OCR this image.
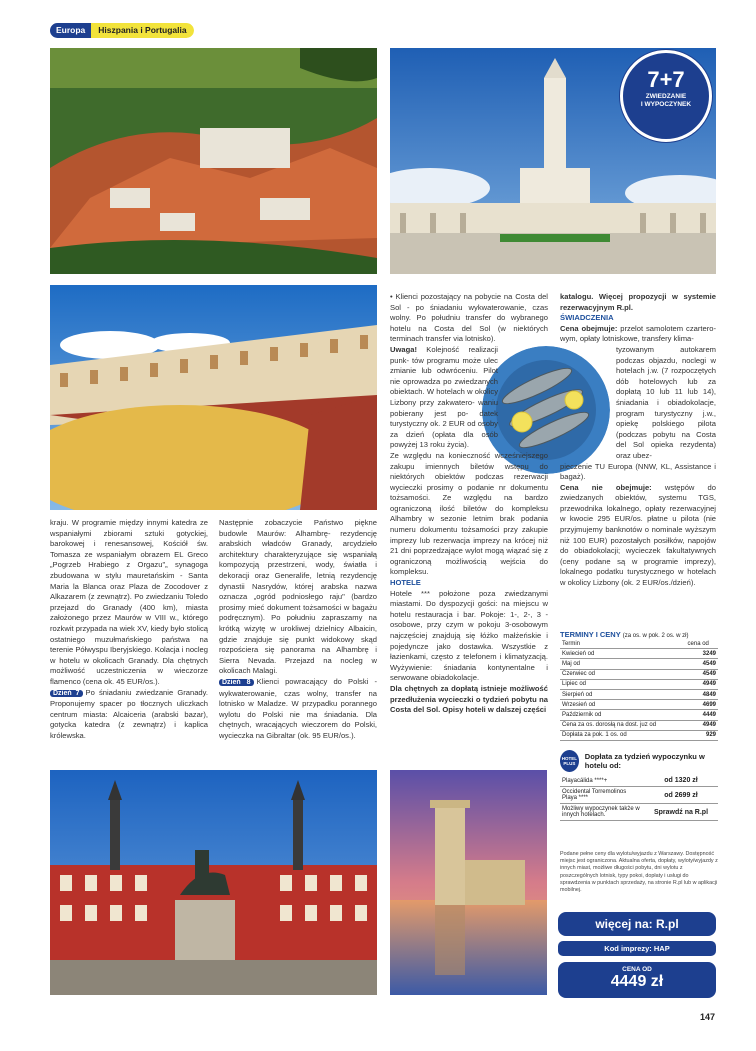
Europa	Hiszpania i Portugalia
7+7
ZWIEDZANIE
I WYPOCZYNEK

kraju. W programie między innymi katedra ze wspaniałymi zbiorami sztuki gotyckiej, barokowej i renesansowej, Kościół św. Tomasza ze wspaniałym obrazem EL Greco „Pogrzeb Hrabiego z Orgazu"„ synagoga zbudowana w stylu mauretańskim - Santa Maria la Blanca oraz Plaza de Zocodover z Alkazarem (z zewnątrz). Po zwiedzaniu Toledo przejazd do Granady (400 km), miasta założonego przez Maurów w VIII w., którego rozkwit przypada na wiek XV, kiedy było stolicą ostatniego muzułmańskiego państwa na terenie Półwyspu Iberyjskiego. Kolacja i nocleg w hotelu w okolicach Granady. Dla chętnych możliwość uczestniczenia w wieczorze flamenco (cena ok. 45 EUR/os.).

Dzień 7 Po śniadaniu zwiedzanie Granady. Proponujemy spacer po tłocznych uliczkach centrum miasta: Alcaiceria (arabski bazar), gotycka katedra (z zewnątrz) i kaplica królewska.

Następnie zobaczycie Państwo piękne budowle Maurów: Alhambrę- rezydencję arabskich władców Granady, arcydzieło architektury charakteryzujące się wspaniałą kompozycją przestrzeni, wody, światła i dekoracji oraz Generalife, letnią rezydencję dynastii Nasrydów, której arabska nazwa oznacza „ogród podniosłego raju" (bardzo prosimy mieć dokument tożsamości w bagażu podręcznym). Po południu zapraszamy na krótką wizytę w urokliwej dzielnicy Albaicin, gdzie znajduje się punkt widokowy skąd rozpościera się panorama na Alhambrę i Sierra Nevada. Przejazd na nocleg w okolicach Malagi.

Dzień 8 Klienci powracający do Polski - wykwaterowanie, czas wolny, transfer na lotnisko w Maladze. W przypadku porannego wylotu do Polski nie ma śniadania. Dla chętnych, wracających wieczorem do Polski, wycieczka na Gibraltar (ok. 95 EUR/os.).

• Klienci pozostający na pobycie na Costa del Sol - po śniadaniu wykwaterowanie, czas wolny. Po południu transfer do wybranego hotelu na Costa del Sol (w niektórych terminach transfer via lotnisko).

Uwaga! Kolejność realizacji punk- tów programu może ulec zmianie lub odwróceniu. Pilot nie oprowadza po zwiedzanych obiektach. W hotelach w okolicy Lizbony przy zakwatero- waniu pobierany jest po- datek turystyczny ok. 2 EUR od osoby za dzień (opłata dla osób powyżej 13 roku życia).

Ze względu na konieczność wcześniejszego zakupu imiennych biletów wstępu do niektórych obiektów podczas rezerwacji wycieczki prosimy o podanie nr dokumentu tożsamości. Ze względu na bardzo ograniczoną ilość biletów do kompleksu Alhambry w sezonie letnim brak podania numeru dokumentu tożsamości przy zakupie imprezy lub rezerwacja imprezy na krócej niż 21 dni poprzedzające wylot mogą wiązać się z ograniczoną możliwością wejścia do kompleksu.

HOTELE

Hotele *** położone poza zwiedzanymi miastami. Do dyspozycji gości: na miejscu w hotelu restauracja i bar. Pokoje: 1-, 2-, 3 - osobowe, przy czym w pokoju 3-osobowym najczęściej znajdują się łóżko małżeńskie i pojedyncze jako dostawka. Wszystkie z łazienkami, często z telefonem i klimatyzacją. Wyżywienie: śniadania kontynentalne i serwowane obiadokolacje.

Dla chętnych za dopłatą istnieje możliwość przedłużenia wycieczki o tydzień pobytu na Costa del Sol. Opisy hoteli w dalszej części

katalogu. Więcej propozycji w systemie rezerwacyjnym R.pl.

ŚWIADCZENIA

Cena obejmuje: przelot samolotem czartero- wym, opłaty lotniskowe, transfery klima-

tyzowanym autokarem podczas objazdu, noclegi w hotelach j.w. (7 rozpoczętych dób hotelowych lub za dopłatą 10 lub 11 lub 14), śniadania i obiadokolacje, program turystyczny j.w., opiekę polskiego pilota (podczas pobytu na Costa del Sol opieka rezydenta) oraz ubez-

pieczenie TU Europa (NNW, KL, Assistance i bagaż).

Cena nie obejmuje: wstępów do zwiedzanych obiektów, systemu TGS, przewodnika lokalnego, opłaty rezerwacyjnej w kwocie 295 EUR/os. płatne u pilota (nie przyjmujemy banknotów o nominale wyższym niż 100 EUR) pozostałych posiłków, napojów do obiadokolacji; wycieczek fakultatywnych (ceny podane są w programie imprezy), lokalnego podatku turystycznego w hotelach w okolicy Lizbony (ok. 2 EUR/os./dzień).

TERMINY I CENY (za os. w pok. 2 os. w zł)
Termin	cena od
Kwiecień od	3249
Maj od	4549
Czerwiec od	4549
Lipiec od	4949
Sierpień od	4849
Wrzesień od	4699
Październik od	4449
Cena za os. dorosłą na dost. juz od	4949
Dopłata za pok. 1 os. od	929
HOTEL PLUS
Dopłata za tydzień wypoczynku w hotelu od:
Playacálida ****+	od 1320 zł
Occidental Torremolinos Playa ****	od 2699 zł
Możliwy wypoczynek także w innych hotelach.	Sprawdź na R.pl
Podane pełne ceny dla wylotu/wyjazdu z Warszawy. Dostępność miejsc jest ograniczona. Aktualna oferta, dopłaty, wyloty/wyjazdy z innych miast, możliwe długości pobytu, dni wylotu z poszczególnych lotnisk, typy pokoi, dopłaty i usługi do sprawdzenia w punktach sprzedaży, na stronie R.pl lub w aplikacji mobilnej.
więcej na: R.pl
Kod imprezy: HAP
CENA OD
4449 zł
147
